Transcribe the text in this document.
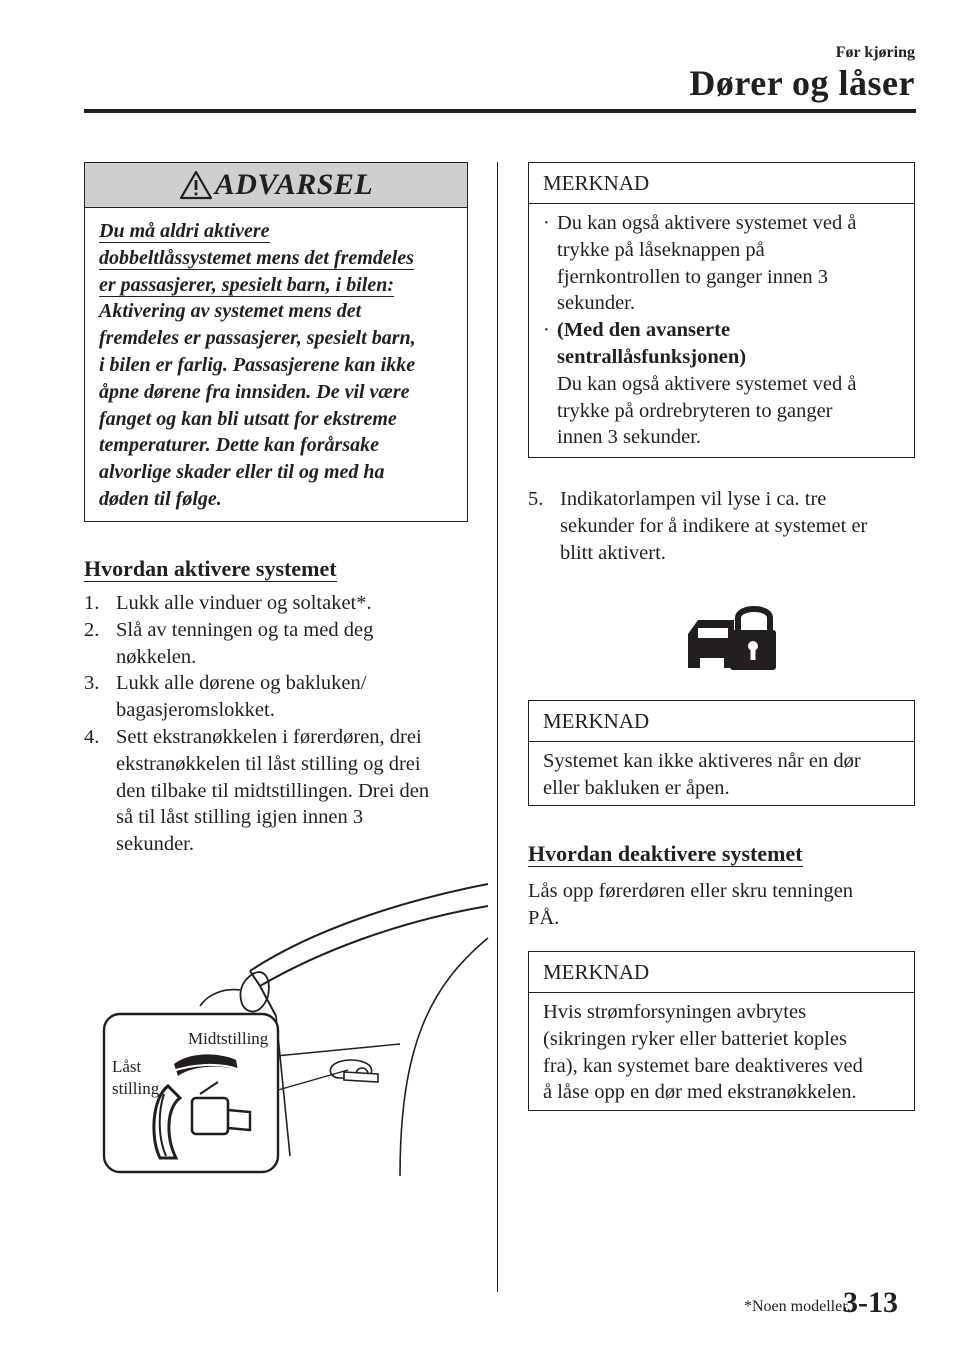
Før kjøring
Dører og låser
ADVARSEL
Du må aldri aktivere
dobbeltlåssystemet mens det fremdeles
er passasjerer, spesielt barn, i bilen:
Aktivering av systemet mens det
fremdeles er passasjerer, spesielt barn,
i bilen er farlig. Passasjerene kan ikke
åpne dørene fra innsiden. De vil være
fanget og kan bli utsatt for ekstreme
temperaturer. Dette kan forårsake
alvorlige skader eller til og med ha
døden til følge.
Hvordan aktivere systemet
1. Lukk alle vinduer og soltaket*.
2. Slå av tenningen og ta med deg
nøkkelen.
3. Lukk alle dørene og bakluken/
bagasjeromslokket.
4. Sett ekstranøkkelen i førerdøren, drei
ekstranøkkelen til låst stilling og drei
den tilbake til midtstillingen. Drei den
så til låst stilling igjen innen 3
sekunder.
Midtstilling
Låst
stilling
MERKNAD
· Du kan også aktivere systemet ved å
trykke på låseknappen på
fjernkontrollen to ganger innen 3
sekunder.
· (Med den avanserte
sentrallåsfunksjonen)
Du kan også aktivere systemet ved å
trykke på ordrebryteren to ganger
innen 3 sekunder.
5. Indikatorlampen vil lyse i ca. tre
sekunder for å indikere at systemet er
blitt aktivert.
MERKNAD
Systemet kan ikke aktiveres når en dør
eller bakluken er åpen.
Hvordan deaktivere systemet
Lås opp førerdøren eller skru tenningen
PÅ.
MERKNAD
Hvis strømforsyningen avbrytes
(sikringen ryker eller batteriet koples
fra), kan systemet bare deaktiveres ved
å låse opp en dør med ekstranøkkelen.
*Noen modeller.
3-13
